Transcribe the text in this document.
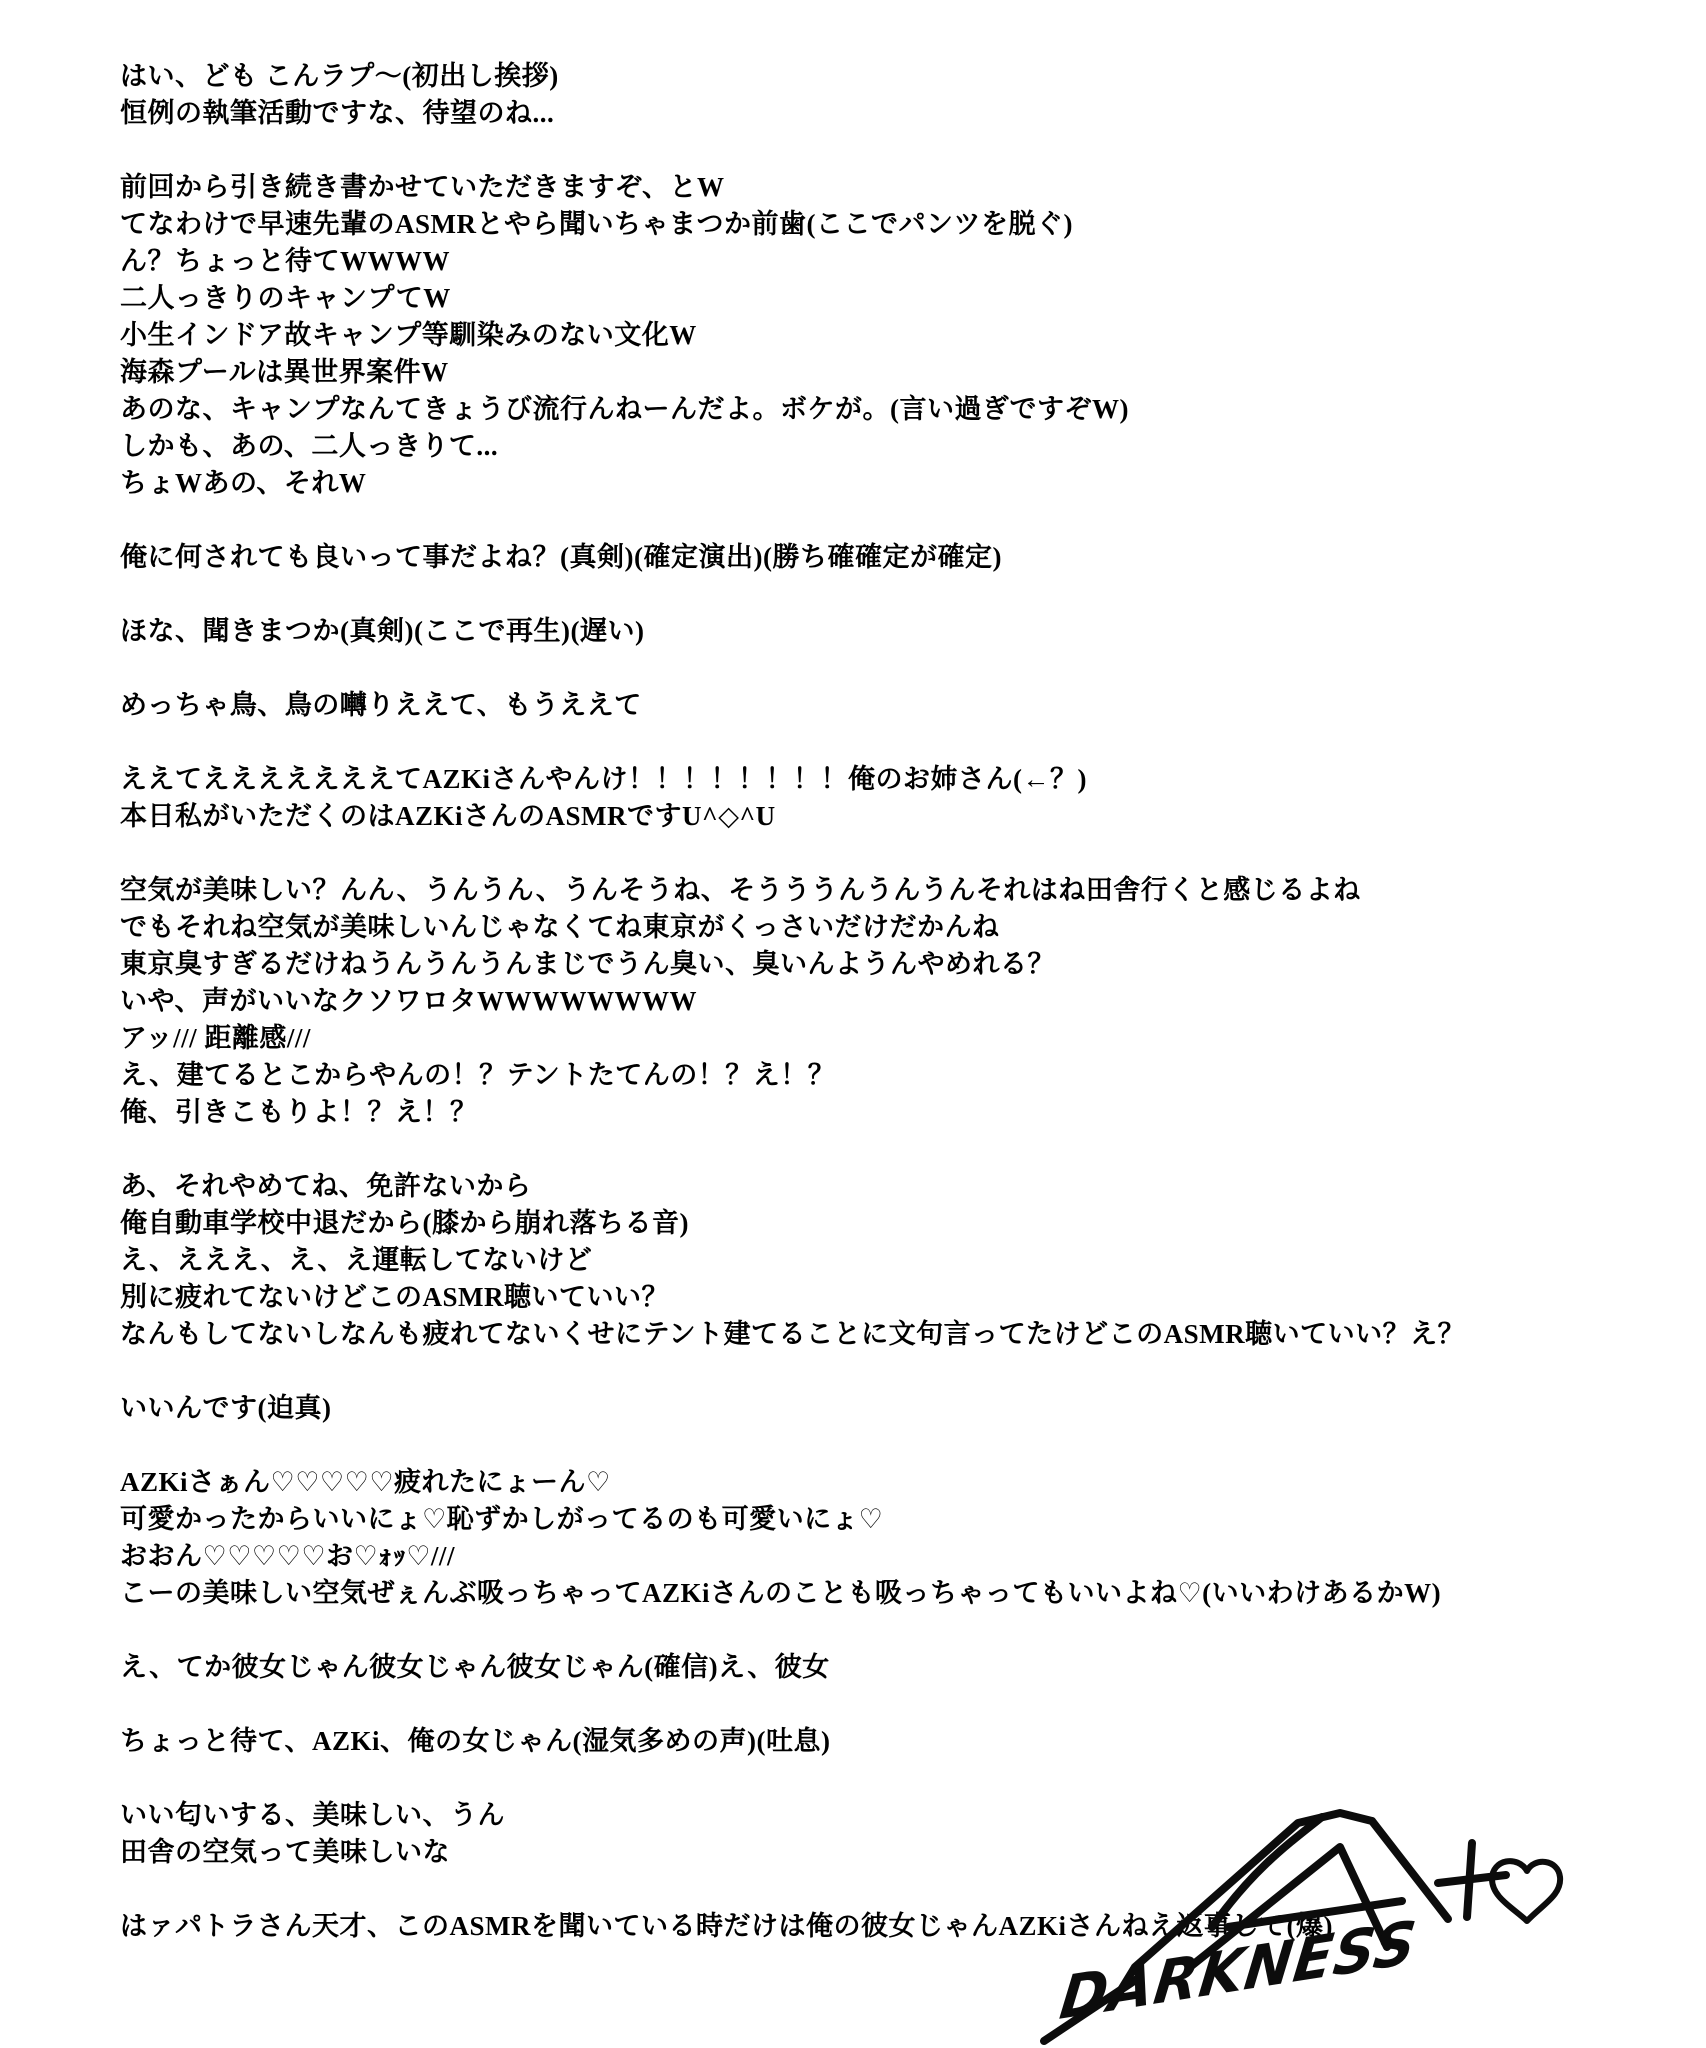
はい、ども こんラプ～(初出し挨拶)

恒例の執筆活動ですな、待望のね...

前回から引き続き書かせていただきますぞ、とW

てなわけで早速先輩のASMRとやら聞いちゃまつか前歯(ここでパンツを脱ぐ)

ん？ちょっと待てWWWW

二人っきりのキャンプてW

小生インドア故キャンプ等馴染みのない文化W

海森プールは異世界案件W

あのな、キャンプなんてきょうび流行んねーんだよ。ボケが。(言い過ぎですぞW)

しかも、あの、二人っきりて...

ちょWあの、それW

俺に何されても良いって事だよね？(真剣)(確定演出)(勝ち確確定が確定)

ほな、聞きまつか(真剣)(ここで再生)(遅い)

めっちゃ鳥、鳥の囀りええて、もうええて

ええてえええええええてAZKiさんやんけ！！！！！！！！俺のお姉さん(←？)

本日私がいただくのはAZKiさんのASMRですU^◇^U

空気が美味しい？んん、うんうん、うんそうね、そうううんうんうんそれはね田舎行くと感じるよね

でもそれね空気が美味しいんじゃなくてね東京がくっさいだけだかんね

東京臭すぎるだけねうんうんうんまじでうん臭い、臭いんようんやめれる？

いや、声がいいなクソワロタWWWWWWWW

アッ/// 距離感///

え、建てるとこからやんの！？テントたてんの！？え！？

俺、引きこもりよ！？え！？

あ、それやめてね、免許ないから

俺自動車学校中退だから(膝から崩れ落ちる音)

え、えええ、え、え運転してないけど

別に疲れてないけどこのASMR聴いていい？

なんもしてないしなんも疲れてないくせにテント建てることに文句言ってたけどこのASMR聴いていい？え？

いいんです(迫真)

AZKiさぁん♡♡♡♡♡疲れたにょーん♡

可愛かったからいいにょ♡恥ずかしがってるのも可愛いにょ♡

おおん♡♡♡♡♡お♡ｫｯ♡///

こーの美味しい空気ぜぇんぶ吸っちゃってAZKiさんのことも吸っちゃってもいいよね♡(いいわけあるかW)

え、てか彼女じゃん彼女じゃん彼女じゃん(確信)え、彼女

ちょっと待て、AZKi、俺の女じゃん(湿気多めの声)(吐息)

いい匂いする、美味しい、うん

田舎の空気って美味しいな

はァパトラさん天才、このASMRを聞いている時だけは俺の彼女じゃんAZKiさんねえ返事して(爆)

DARKNESS
